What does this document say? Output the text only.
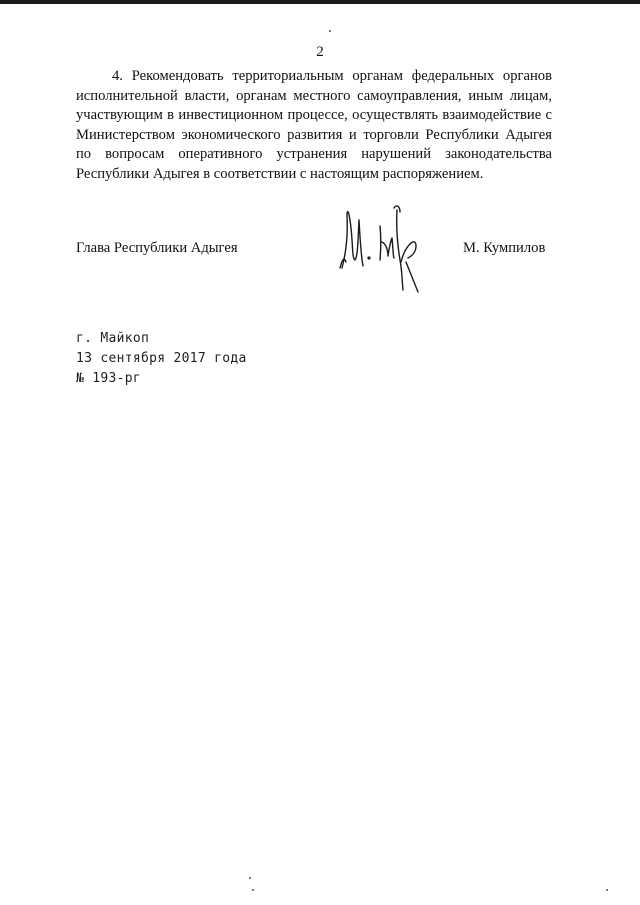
2

4. Рекомендовать территориальным органам федеральных органов исполнительной власти, органам местного самоуправления, иным лицам, участвующим в инвестиционном процессе, осуществлять взаимодействие с Министерством экономического развития и торговли Республики Адыгея по вопросам оперативного устранения нарушений законодательства Республики Адыгея в соответствии с настоящим распоряжением.

Глава Республики Адыгея	М. Кумпилов
г. Майкоп
13 сентября 2017 года
№ 193-рг
